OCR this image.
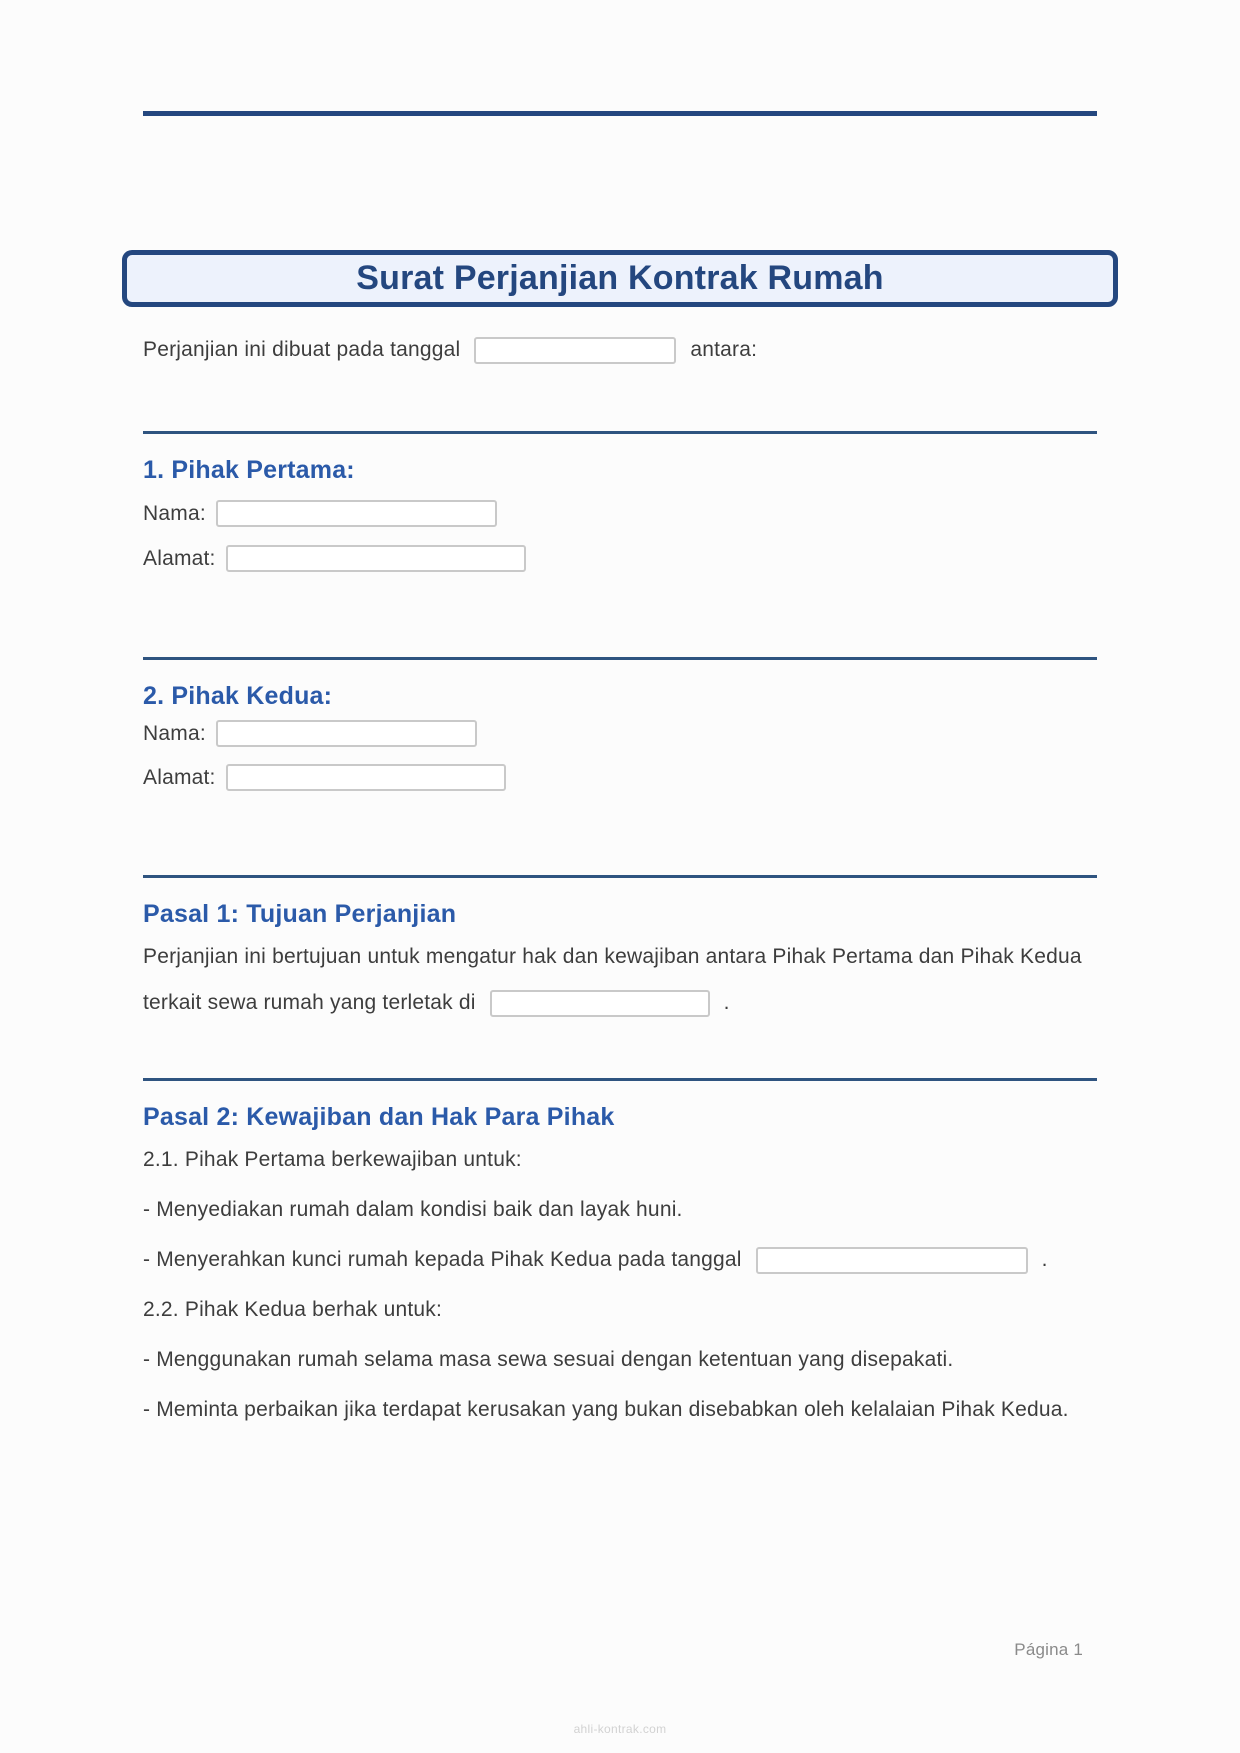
Surat Perjanjian Kontrak Rumah

Perjanjian ini dibuat pada tanggal	antara:

1. Pihak Pertama:
Nama:
Alamat:
2. Pihak Kedua:
Nama:
Alamat:
Pasal 1: Tujuan Perjanjian

Perjanjian ini bertujuan untuk mengatur hak dan kewajiban antara Pihak Pertama dan Pihak Kedua terkait sewa rumah yang terletak di	.

Pasal 2: Kewajiban dan Hak Para Pihak

2.1. Pihak Pertama berkewajiban untuk:

- Menyediakan rumah dalam kondisi baik dan layak huni.

- Menyerahkan kunci rumah kepada Pihak Kedua pada tanggal	.

2.2. Pihak Kedua berhak untuk:

- Menggunakan rumah selama masa sewa sesuai dengan ketentuan yang disepakati.

- Meminta perbaikan jika terdapat kerusakan yang bukan disebabkan oleh kelalaian Pihak Kedua.

Página 1
ahli-kontrak.com
